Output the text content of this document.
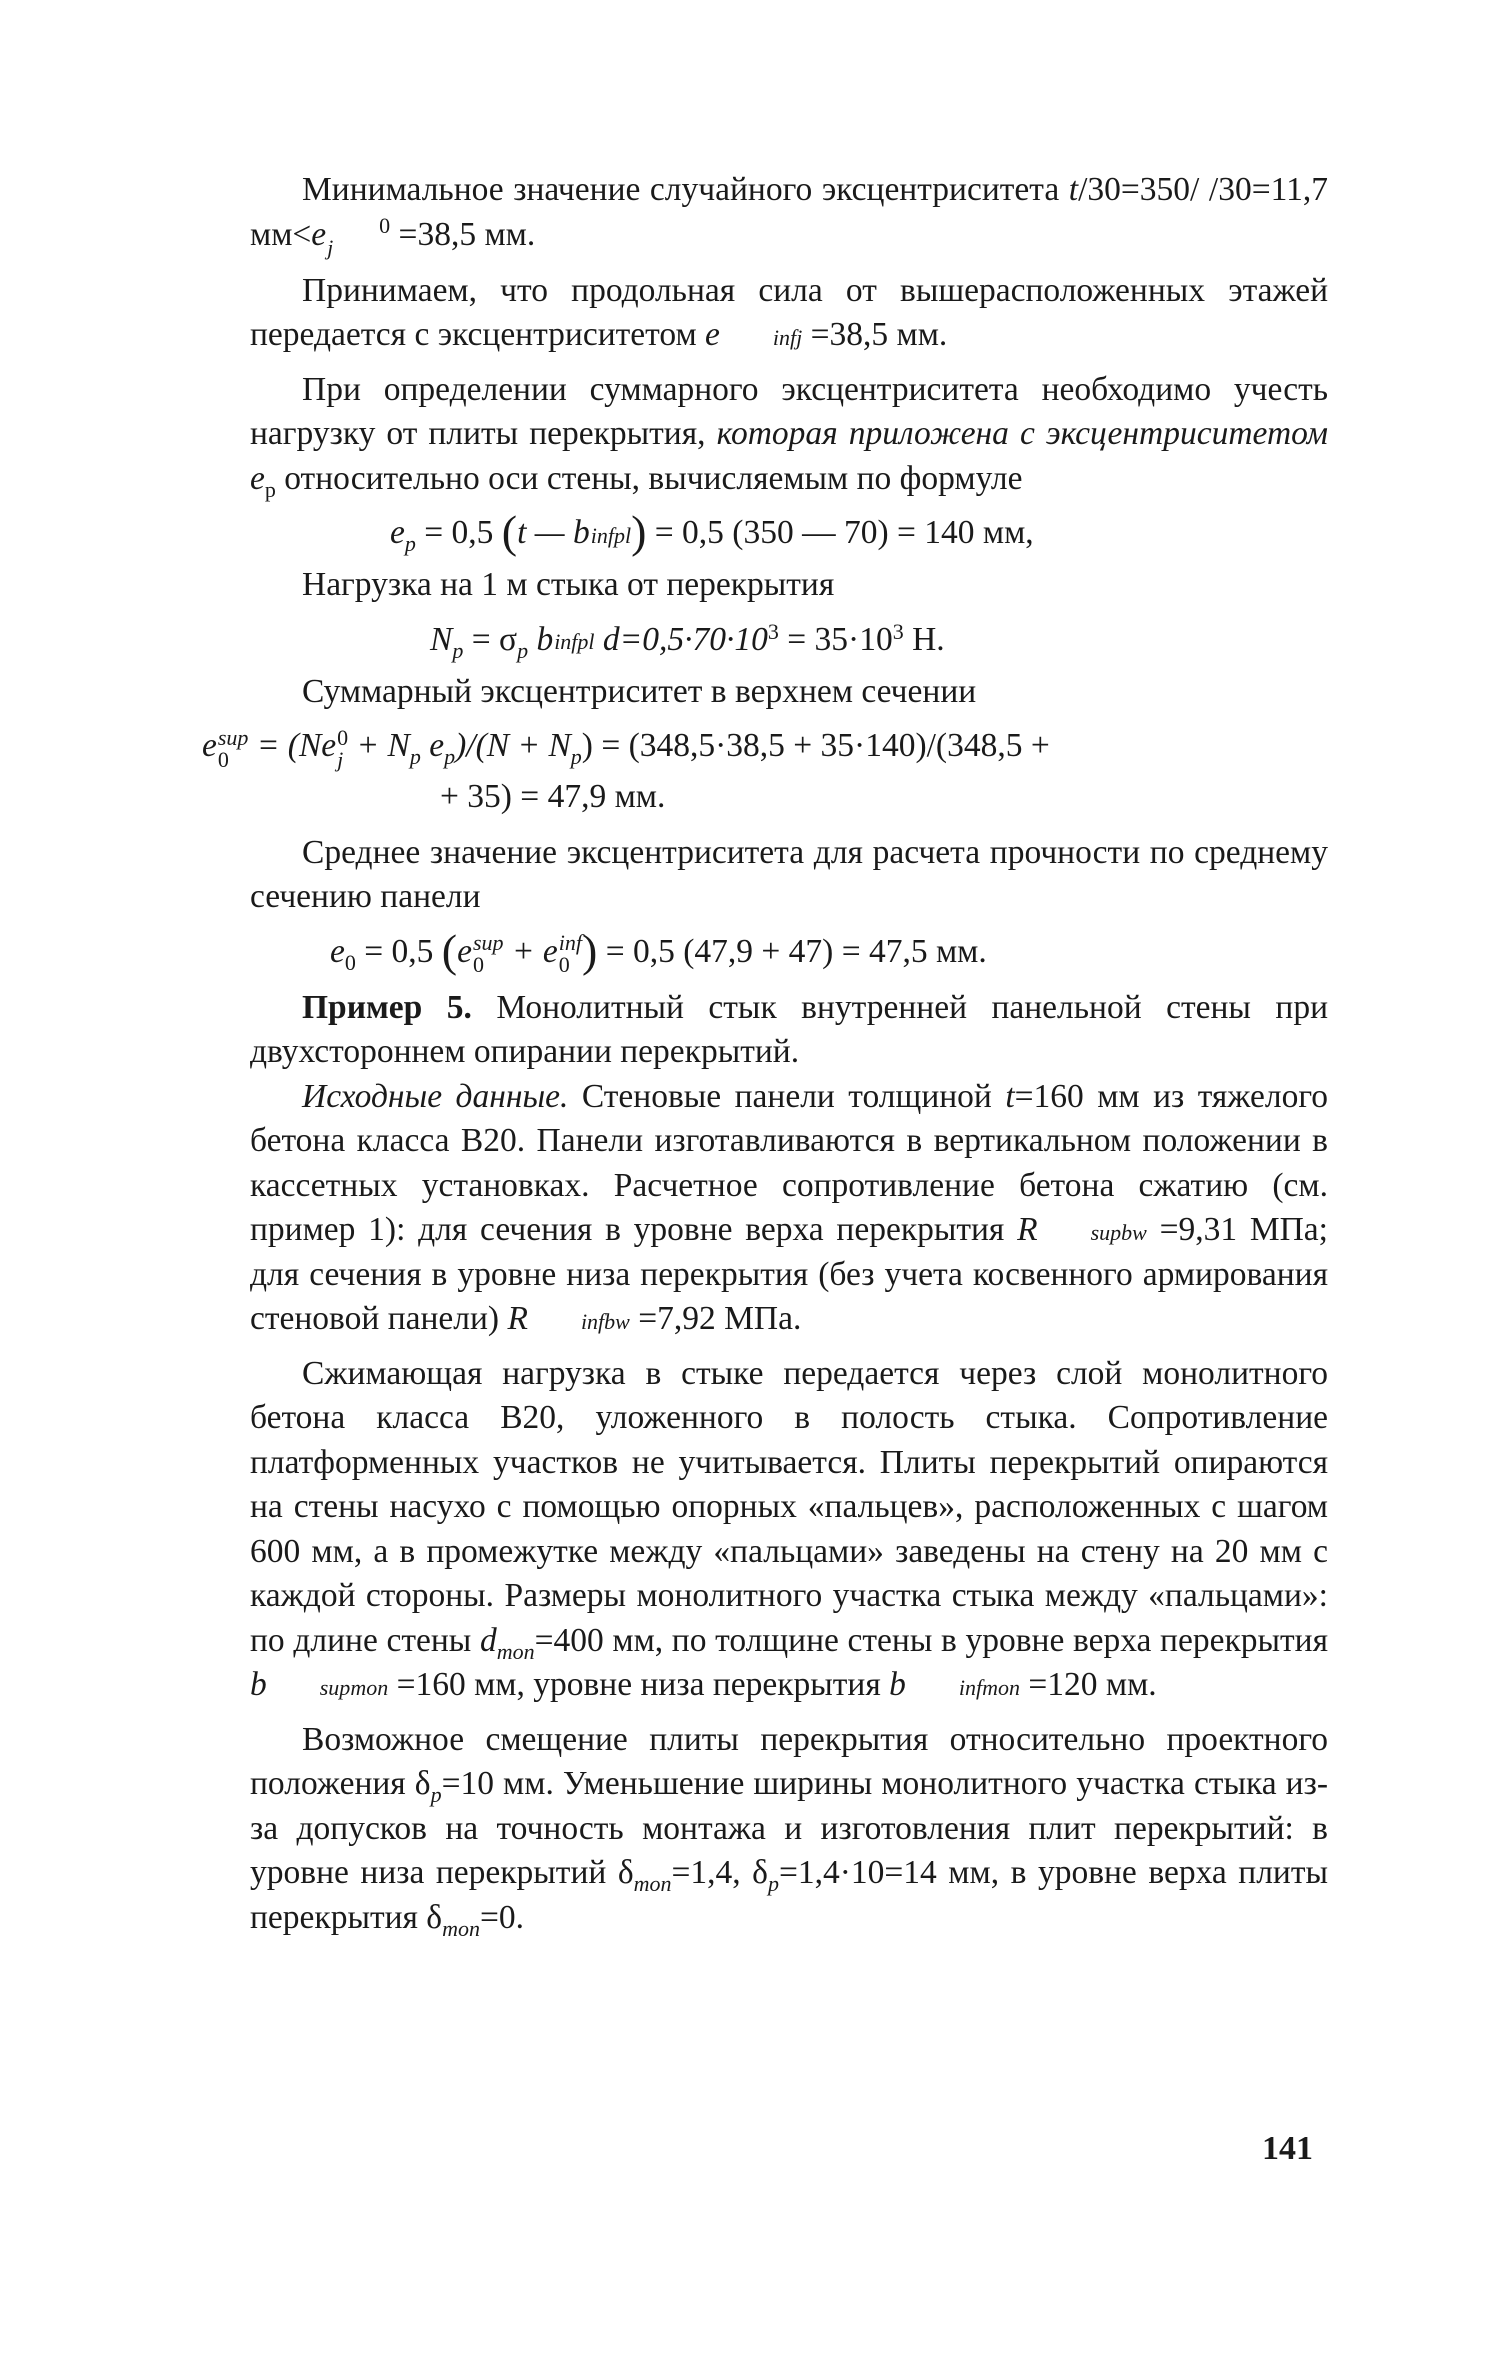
Минимальное значение случайного эксцентриситета t/30=350/ /30=11,7 мм<e	0
j =38,5 мм.

Принимаем, что продольная сила от вышерасположенных этажей передается с эксцентриситетом e infj =38,5 мм.

При определении суммарного эксцентриситета необходимо учесть нагрузку от плиты перекрытия, которая приложена с эксцентриситетом $e_p$ относительно оси стены, вычисляемым по формуле

$e_p = 0,5$ (t — binfpl) = 0,5 (350 — 70) = 140 мм,

Нагрузка на 1 м стыка от перекрытия

$N_p = \sigma_p$ binfpl $d=0,5\cdot 70\cdot 10^3 = 35\cdot 10^3$ Н.

Суммарный эксцентриситет в верхнем сечении

esup
0 = (Ne 0
$j + N_p$ $e_p)/(N + N_p) = (348,5\cdot 38,5 + 35\cdot 140)/(348,5$ +
+ 35) = 47,9 мм.

Среднее значение эксцентриситета для расчета прочности по среднему сечению панели

$e_0 = 0,5$ (esup
0 + einf
0 ) = 0,5 (47,9 + 47) = 47,5 мм.

Пример 5. Монолитный стык внутренней панельной стены при двухстороннем опирании перекрытий.

Исходные данные. Стеновые панели толщиной t=160 мм из тяжелого бетона класса В20. Панели изготавливаются в вертикальном положении в кассетных установках. Расчетное сопротивление бетона сжатию (см. пример 1): для сечения в уровне верха перекрытия R supbw =9,31 МПа; для сечения в уровне низа перекрытия (без учета косвенного армирования стеновой панели) R infbw =7,92 МПа.

Сжимающая нагрузка в стыке передается через слой монолитного бетона класса В20, уложенного в полость стыка. Сопротивление платформенных участков не учитывается. Плиты перекрытий опираются на стены насухо с помощью опорных «пальцев», расположенных с шагом 600 мм, а в промежутке между «пальцами» заведены на стену на 20 мм с каждой стороны. Размеры монолитного участка стыка между «пальцами»: по длине стены $d_{mon}=400$ мм, по толщине стены в уровне верха перекрытия b supmon =160 мм, уровне низа перекрытия b infmon =120 мм.

Возможное смещение плиты перекрытия относительно проектного положения $\delta_p=10$ мм. Уменьшение ширины монолитного участка стыка из-за допусков на точность монтажа и изготовления плит перекрытий: в уровне низа перекрытий $\delta_{mon}=1,4$, $\delta_p=1,4\cdot 10=14$ мм, в уровне верха плиты перекрытия $\delta_{mon}=0$.

141
